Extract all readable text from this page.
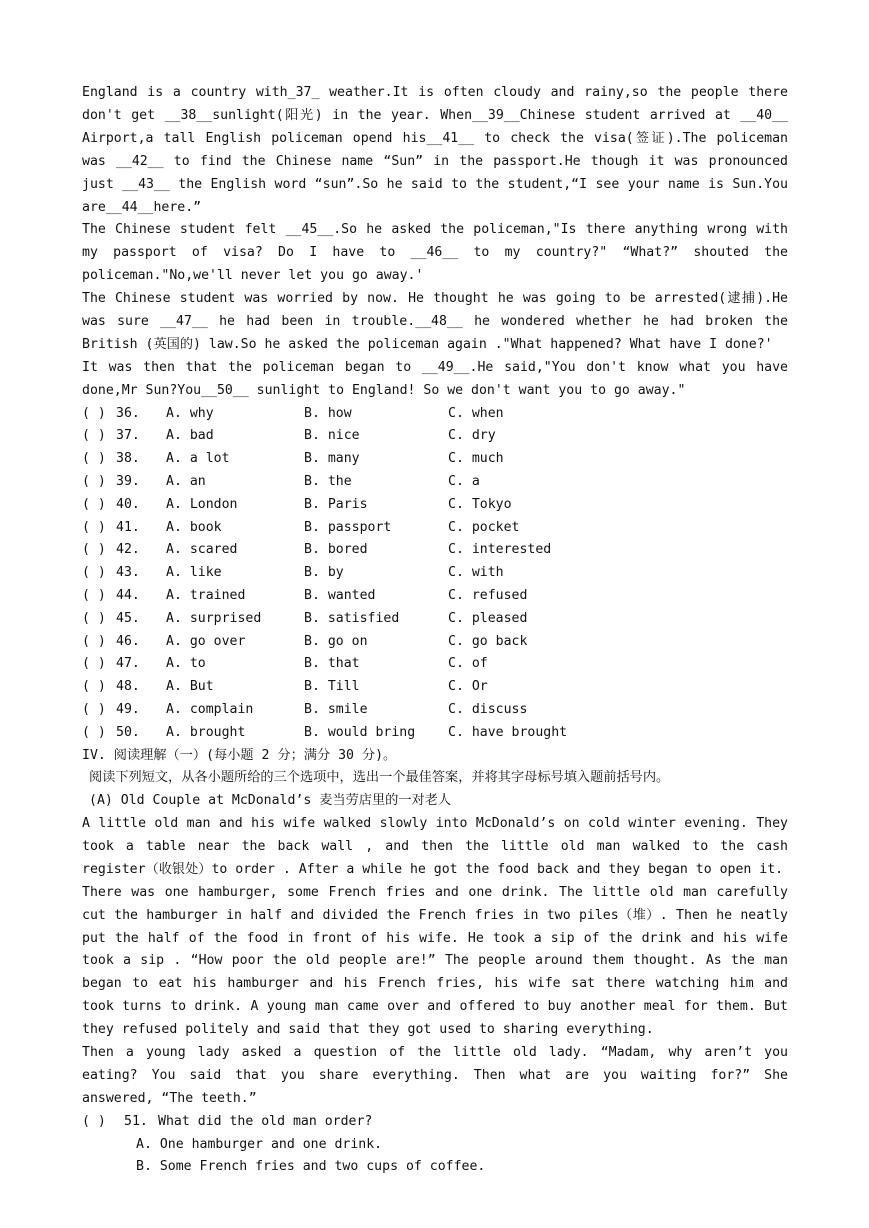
England is a country with_37_ weather.It is often cloudy and rainy,so the people there don't get __38__sunlight(阳光) in the year. When__39__Chinese student arrived at __40__ Airport,a tall English policeman opend his__41__ to check the visa(签证).The policeman was __42__ to find the Chinese name “Sun” in the passport.He though it was pronounced just __43__ the English word “sun”.So he said to the student,“I see your name is Sun.You are__44__here.”

The Chinese student felt __45__.So he asked the policeman,"Is there anything wrong with my passport of visa? Do I have to __46__ to my country?" “What?” shouted the policeman."No,we'll never let you go away.'

The Chinese student was worried by now. He thought he was going to be arrested(逮捕).He was sure __47__ he had been in trouble.__48__ he wondered whether he had broken the British (英国的) law.So he asked the policeman again ."What happened? What have I done?'

It was then that the policeman began to __49__.He said,"You don't know what you have done,Mr Sun?You__50__ sunlight to England! So we don't want you to go away."

( ) 36. A. why	B. how	C. when
( ) 37. A. bad	B. nice	C. dry
( ) 38. A. a lot	B. many	C. much
( ) 39. A. an	B. the	C. a
( ) 40. A. London	B. Paris	C. Tokyo
( ) 41. A. book	B. passport	C. pocket
( ) 42. A. scared	B. bored	C. interested
( ) 43. A. like	B. by	C. with
( ) 44. A. trained	B. wanted	C. refused
( ) 45. A. surprised	B. satisfied	C. pleased
( ) 46. A. go over	B. go on	C. go back
( ) 47. A. to	B. that	C. of
( ) 48. A. But	B. Till	C. Or
( ) 49. A. complain	B. smile	C. discuss
( ) 50. A. brought	B. would bring C. have brought

IV. 阅读理解（一）(每小题 2 分；满分 30 分)。

阅读下列短文，从各小题所给的三个选项中，选出一个最佳答案，并将其字母标号填入题前括号内。

(A) Old Couple at McDonald’s 麦当劳店里的一对老人

A little old man and his wife walked slowly into McDonald’s on cold winter evening. They took a table near the back wall , and then the little old man walked to the cash register（收银处）to order . After a while he got the food back and they began to open it.

There was one hamburger, some French fries and one drink. The little old man carefully cut the hamburger in half and divided the French fries in two piles（堆）. Then he neatly put the half of the food in front of his wife. He took a sip of the drink and his wife took a sip . “How poor the old people are!” The people around them thought. As the man began to eat his hamburger and his French fries, his wife sat there watching him and took turns to drink. A young man came over and offered to buy another meal for them. But they refused politely and said that they got used to sharing everything.

Then a young lady asked a question of the little old lady. “Madam, why aren’t you eating? You said that you share everything. Then what are you waiting for?” She answered, “The teeth.”

( ) 51. What did the old man order?

A. One hamburger and one drink.

B. Some French fries and two cups of coffee.
